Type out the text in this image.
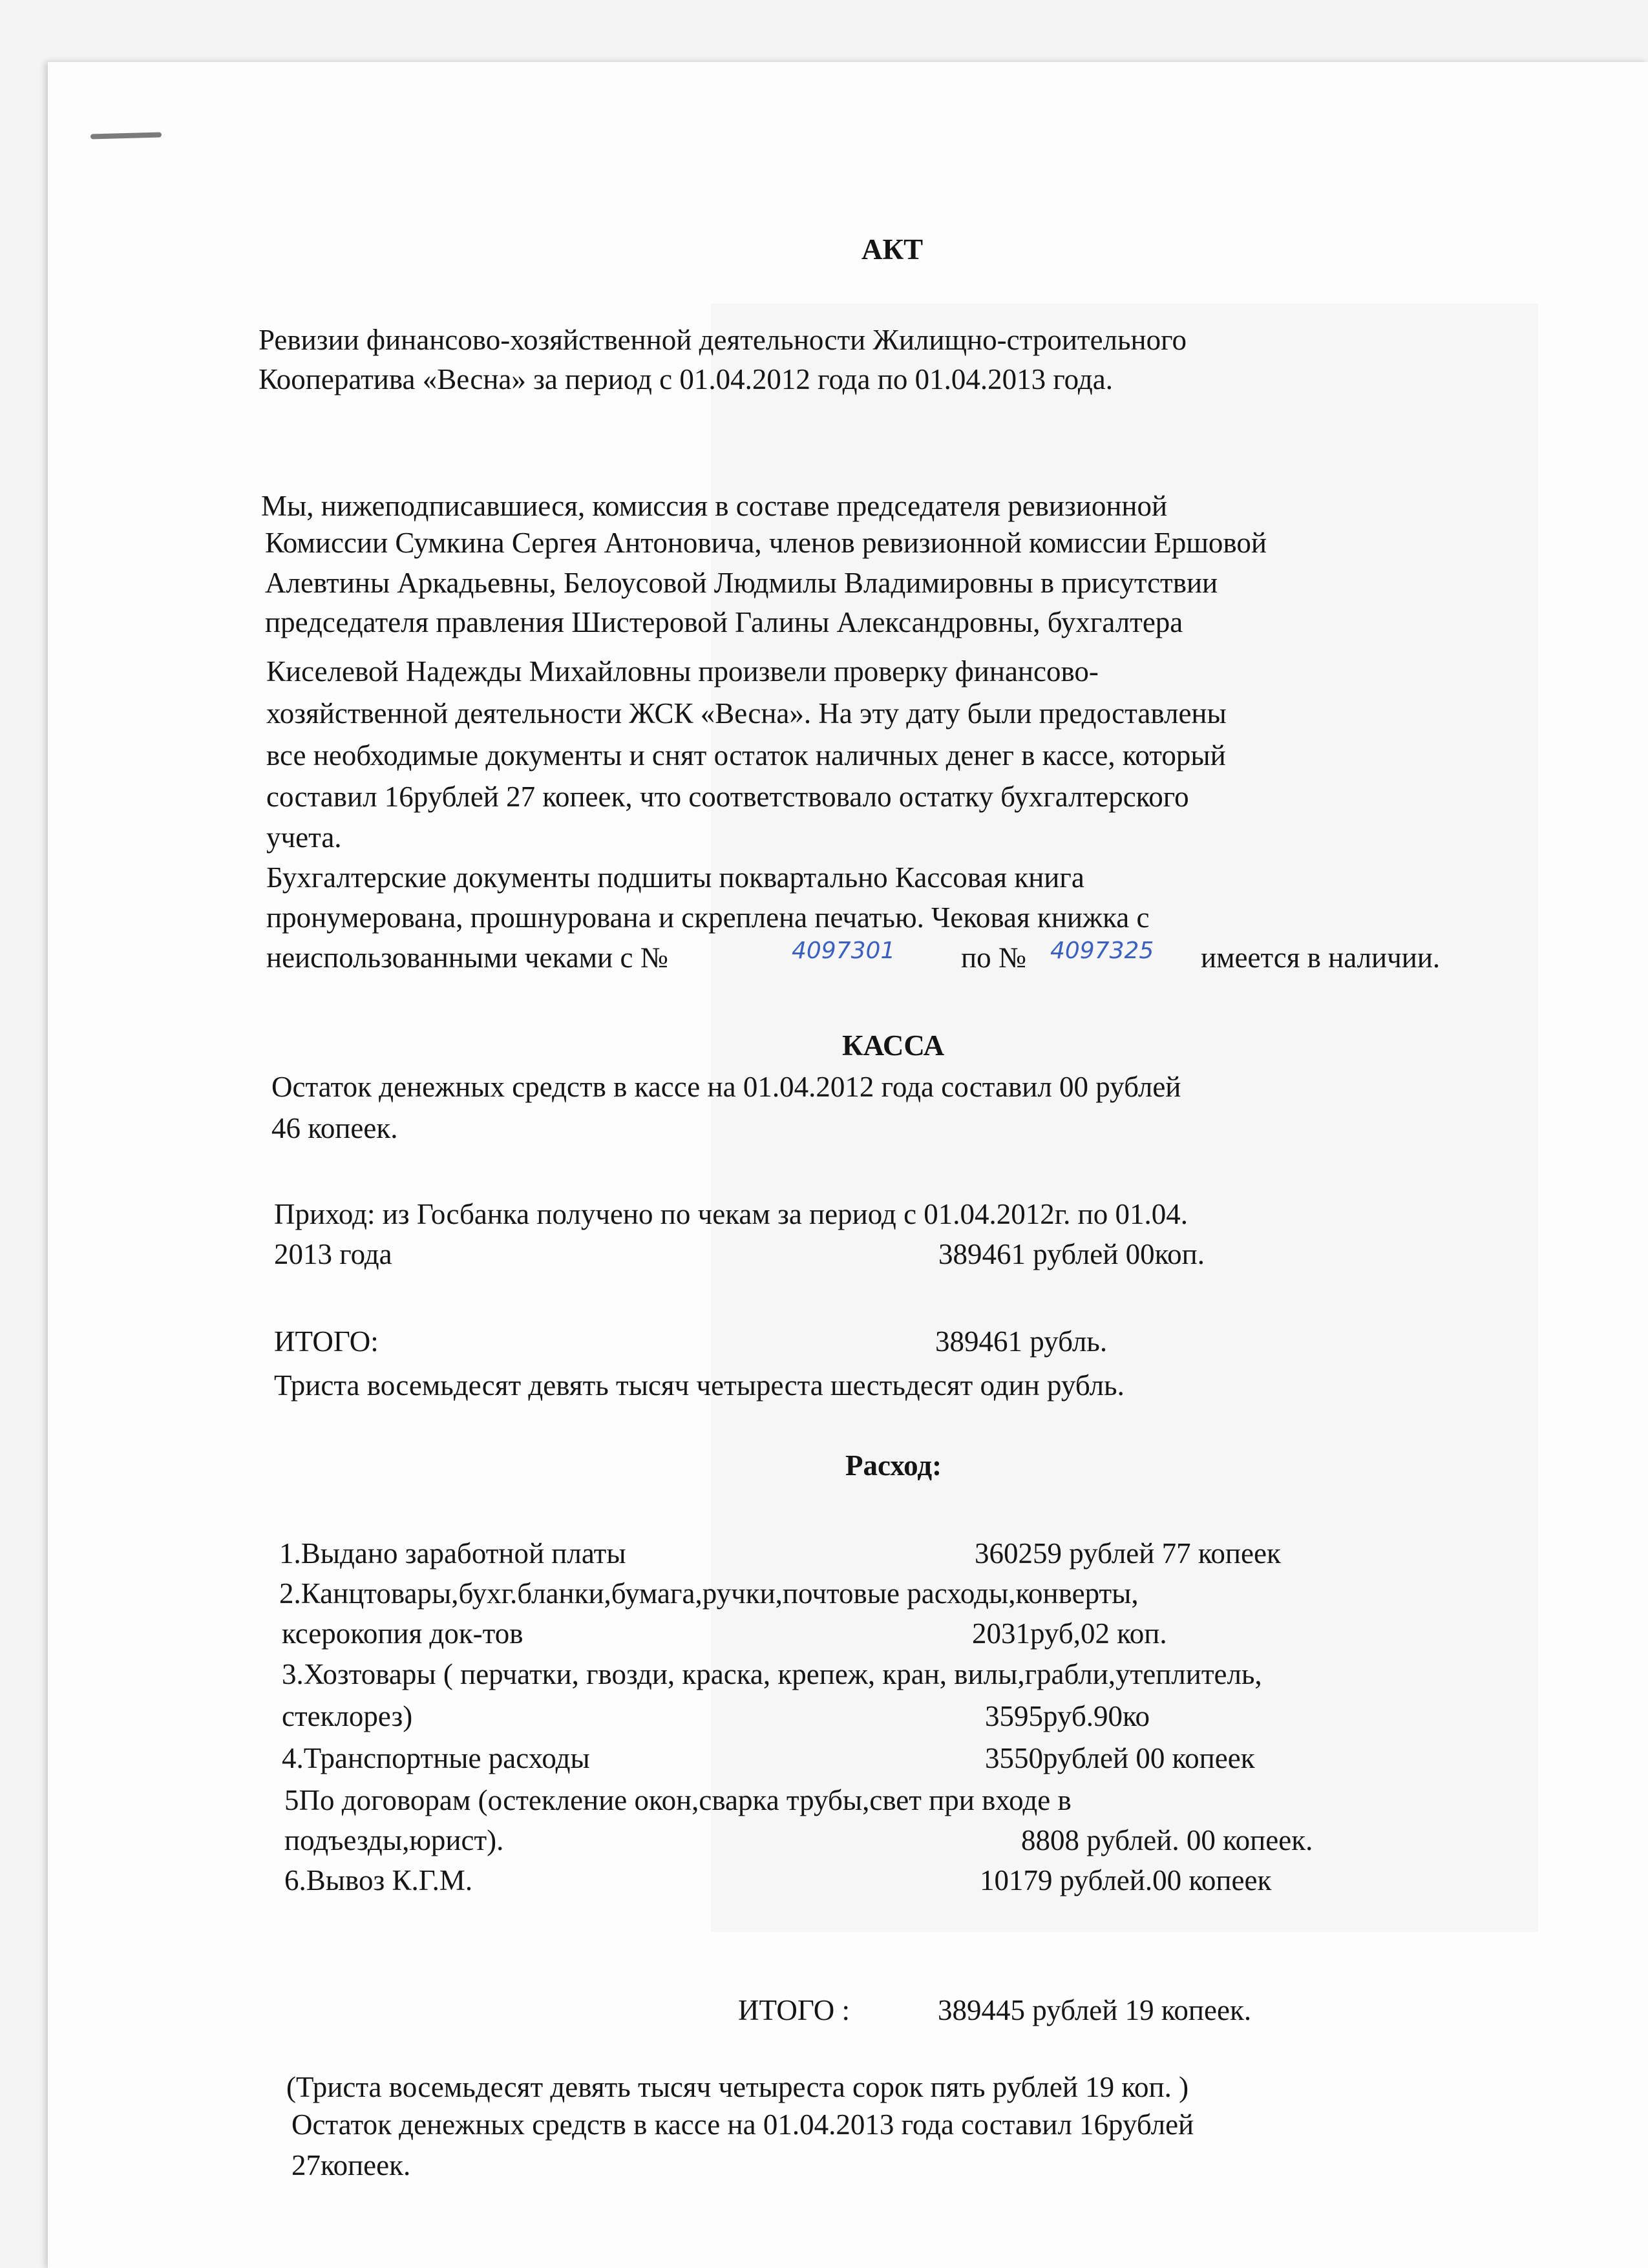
АКТ
Ревизии финансово-хозяйственной деятельности Жилищно-строительного
Кооператива «Весна» за период с 01.04.2012 года по 01.04.2013 года.
Мы, нижеподписавшиеся, комиссия в составе председателя ревизионной
Комиссии Сумкина Сергея Антоновича, членов ревизионной комиссии Ершовой
Алевтины Аркадьевны, Белоусовой Людмилы Владимировны в присутствии
председателя правления Шистеровой Галины Александровны, бухгалтера
Киселевой Надежды Михайловны произвели проверку финансово-
хозяйственной деятельности ЖСК «Весна». На эту дату были предоставлены
все необходимые документы и снят остаток наличных денег в кассе, который
составил 16рублей 27 копеек, что соответствовало остатку бухгалтерского
учета.
Бухгалтерские документы подшиты поквартально Кассовая книга
пронумерована, прошнурована и скреплена печатью. Чековая книжка с
неиспользованными чеками с №	4097301 по № 4097325 имеется в наличии.
КАССА
Остаток денежных средств в кассе на 01.04.2012 года составил 00 рублей
46 копеек.
Приход: из Госбанка получено по чекам за период с 01.04.2012г. по 01.04.
2013 года	389461 рублей 00коп.
ИТОГО:	389461 рубль.
Триста восемьдесят девять тысяч четыреста шестьдесят один рубль.
Расход:
1.Выдано заработной платы	360259 рублей 77 копеек
2.Канцтовары,бухг.бланки,бумага,ручки,почтовые расходы,конверты,
ксерокопия док-тов	2031руб,02 коп.
3.Хозтовары ( перчатки, гвозди, краска, крепеж, кран, вилы,грабли,утеплитель,
стеклорез)	3595руб.90ко
4.Транспортные расходы	3550рублей 00 копеек
5По договорам (остекление окон,сварка трубы,свет при входе в
подъезды,юрист).	8808 рублей. 00 копеек.
6.Вывоз К.Г.М.	10179 рублей.00 копеек
ИТОГО :	389445 рублей 19 копеек.
(Триста восемьдесят девять тысяч четыреста сорок пять рублей 19 коп. )
Остаток денежных средств в кассе на 01.04.2013 года составил 16рублей
27копеек.
